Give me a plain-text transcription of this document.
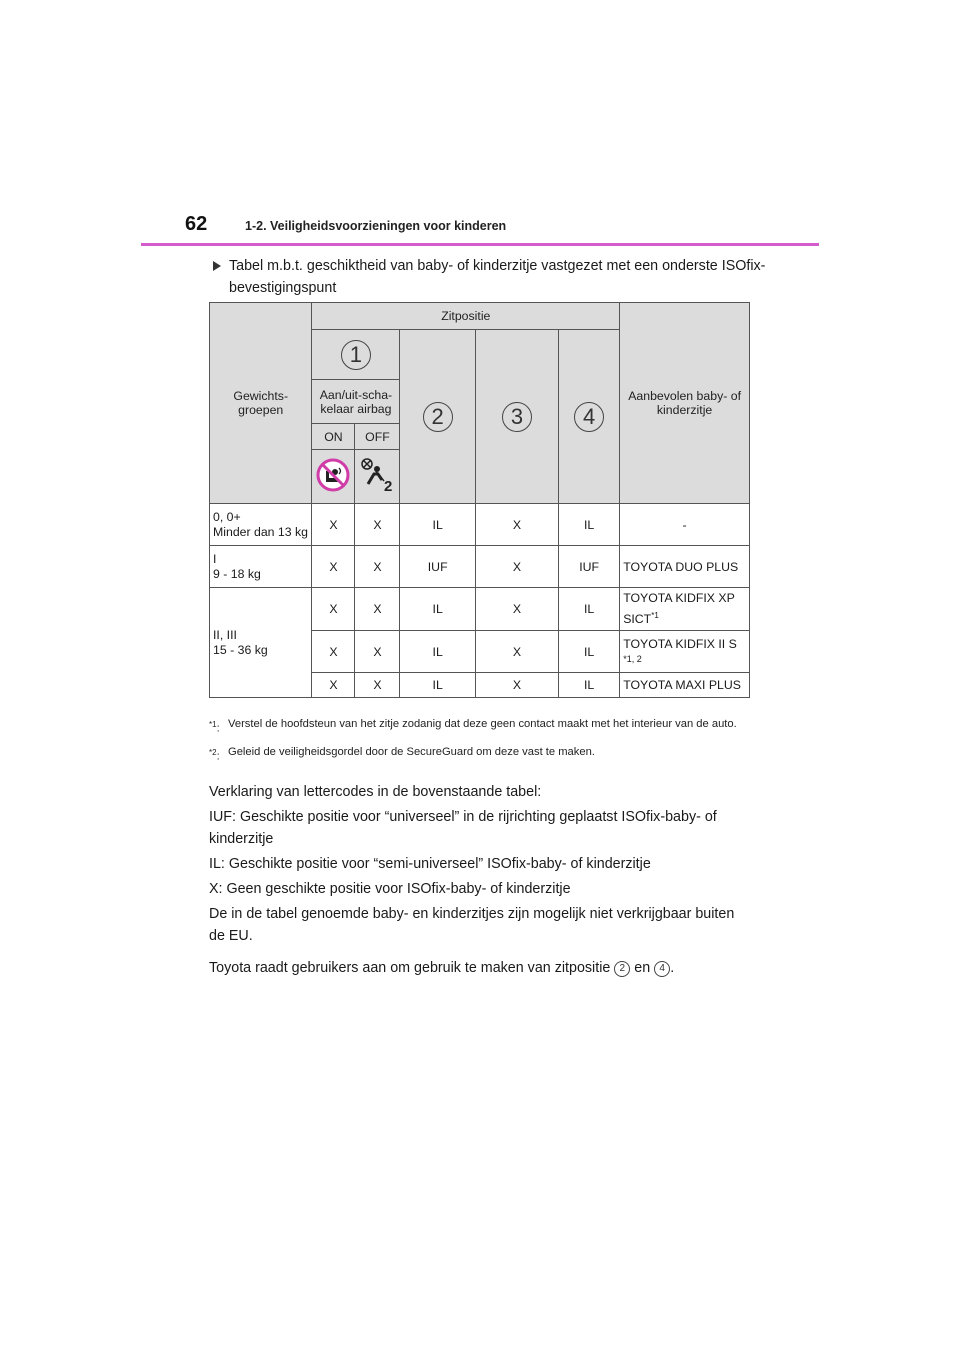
62	1-2. Veiligheidsvoorzieningen voor kinderen
Tabel m.b.t. geschiktheid van baby- of kinderzitje vastgezet met een onderste ISOfix-bevestigingspunt
Gewichts- groepen	Zitpositie					Aanbevolen baby- of kinderzitje

	1		2	3	4	

	Aan/uit-scha- kelaar airbag					
	ON	OFF				

2				

0, 0+
Minder dan 13 kg	X	X	IL	X	IL	-

I
9 - 18 kg	X	X	IUF	X	IUF	TOYOTA DUO PLUS

II, III
15 - 36 kg	X	X	IL	X	IL	TOYOTA KIDFIX XP SICT$^{*1}$
	X	X	IL	X	IL	TOYOTA KIDFIX II S
*1, 2

	X	X	IL	X	IL	TOYOTA MAXI PLUS
$^{*1}$: Verstel de hoofdsteun van het zitje zodanig dat deze geen contact maakt met het interieur van de auto.
$^{*2}$: Geleid de veiligheidsgordel door de SecureGuard om deze vast te maken.

Verklaring van lettercodes in de bovenstaande tabel:

IUF: Geschikte positie voor “universeel” in de rijrichting geplaatst ISOfix-baby- of kinderzitje

IL: Geschikte positie voor “semi-universeel” ISOfix-baby- of kinderzitje

X: Geen geschikte positie voor ISOfix-baby- of kinderzitje

De in de tabel genoemde baby- en kinderzitjes zijn mogelijk niet verkrijgbaar buiten de EU.

Toyota raadt gebruikers aan om gebruik te maken van zitpositie 2 en 4 .
